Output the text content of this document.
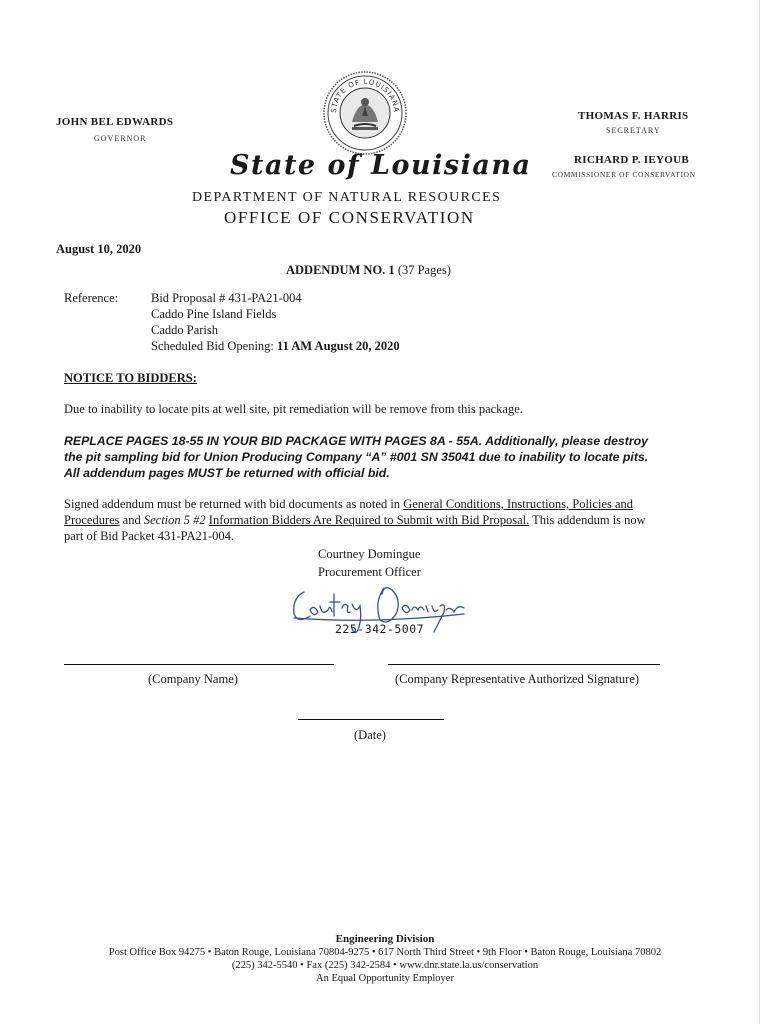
STATE OF LOUISIANA
JOHN BEL EDWARDS
GOVERNOR
THOMAS F. HARRIS
SECRETARY
RICHARD P. IEYOUB
COMMISSIONER OF CONSERVATION
State of Louisiana
DEPARTMENT OF NATURAL RESOURCES
OFFICE OF CONSERVATION
August 10, 2020
ADDENDUM NO. 1 (37 Pages)
Reference:	Bid Proposal # 431-PA21-004
Caddo Pine Island Fields
Caddo Parish
Scheduled Bid Opening: 11 AM August 20, 2020
NOTICE TO BIDDERS:
Due to inability to locate pits at well site, pit remediation will be remove from this package.
REPLACE PAGES 18-55 IN YOUR BID PACKAGE WITH PAGES 8A - 55A. Additionally, please destroy
the pit sampling bid for Union Producing Company “A” #001 SN 35041 due to inability to locate pits.
All addendum pages MUST be returned with official bid.
Signed addendum must be returned with bid documents as noted in General Conditions, Instructions, Policies and
Procedures and Section 5 #2 Information Bidders Are Required to Submit with Bid Proposal. This addendum is now
part of Bid Packet 431-PA21-004.
Courtney Domingue
Procurement Officer
225-342-5007
(Company Name)	(Company Representative Authorized Signature)
(Date)
Engineering Division
Post Office Box 94275 • Baton Rouge, Louisiana 70804-9275 • 617 North Third Street • 9th Floor • Baton Rouge, Louisiana 70802
(225) 342-5540 • Fax (225) 342-2584 • www.dnr.state.la.us/conservation
An Equal Opportunity Employer
